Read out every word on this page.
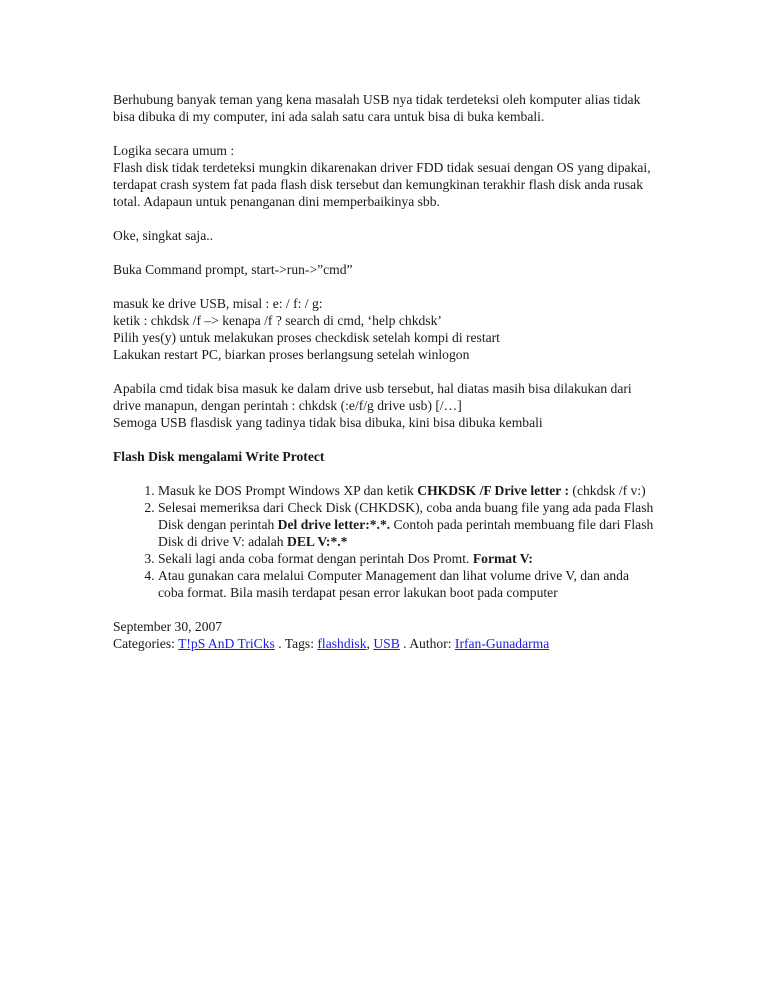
Berhubung banyak teman yang kena masalah USB nya tidak terdeteksi oleh komputer alias tidak bisa dibuka di my computer, ini ada salah satu cara untuk bisa di buka kembali.

Logika secara umum :
Flash disk tidak terdeteksi mungkin dikarenakan driver FDD tidak sesuai dengan OS yang dipakai, terdapat crash system fat pada flash disk tersebut dan kemungkinan terakhir flash disk anda rusak total. Adapaun untuk penanganan dini memperbaikinya sbb.

Oke, singkat saja..

Buka Command prompt, start->run->”cmd”

masuk ke drive USB, misal : e: / f: / g:
ketik : chkdsk /f –> kenapa /f ? search di cmd, ‘help chkdsk’
Pilih yes(y) untuk melakukan proses checkdisk setelah kompi di restart
Lakukan restart PC, biarkan proses berlangsung setelah winlogon

Apabila cmd tidak bisa masuk ke dalam drive usb tersebut, hal diatas masih bisa dilakukan dari drive manapun, dengan perintah : chkdsk (:e/f/g drive usb) [/…]
Semoga USB flasdisk yang tadinya tidak bisa dibuka, kini bisa dibuka kembali

Flash Disk mengalami Write Protect

1. Masuk ke DOS Prompt Windows XP dan ketik CHKDSK /F Drive letter : (chkdsk /f v:)
2. Selesai memeriksa dari Check Disk (CHKDSK), coba anda buang file yang ada pada Flash Disk dengan perintah Del drive letter:*.*. Contoh pada perintah membuang file dari Flash Disk di drive V: adalah DEL V:*.*
3. Sekali lagi anda coba format dengan perintah Dos Promt. Format V:
4. Atau gunakan cara melalui Computer Management dan lihat volume drive V, dan anda coba format. Bila masih terdapat pesan error lakukan boot pada computer

September 30, 2007
Categories: T!pS AnD TriCks . Tags: flashdisk, USB . Author: Irfan-Gunadarma
